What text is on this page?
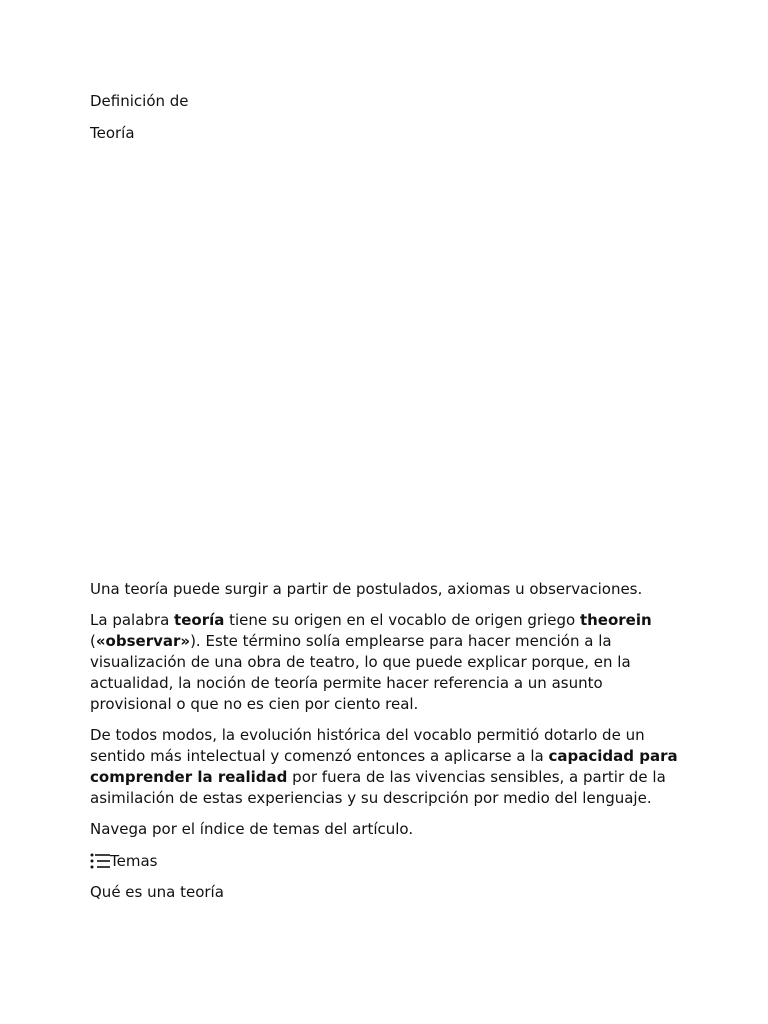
Definición de
Teoría

Una teoría puede surgir a partir de postulados, axiomas u observaciones.

La palabra teoría tiene su origen en el vocablo de origen griego theorein («observar»). Este término solía emplearse para hacer mención a la visualización de una obra de teatro, lo que puede explicar porque, en la actualidad, la noción de teoría permite hacer referencia a un asunto provisional o que no es cien por ciento real.

De todos modos, la evolución histórica del vocablo permitió dotarlo de un sentido más intelectual y comenzó entonces a aplicarse a la capacidad para comprender la realidad por fuera de las vivencias sensibles, a partir de la asimilación de estas experiencias y su descripción por medio del lenguaje.

Navega por el índice de temas del artículo.

Temas

Qué es una teoría
